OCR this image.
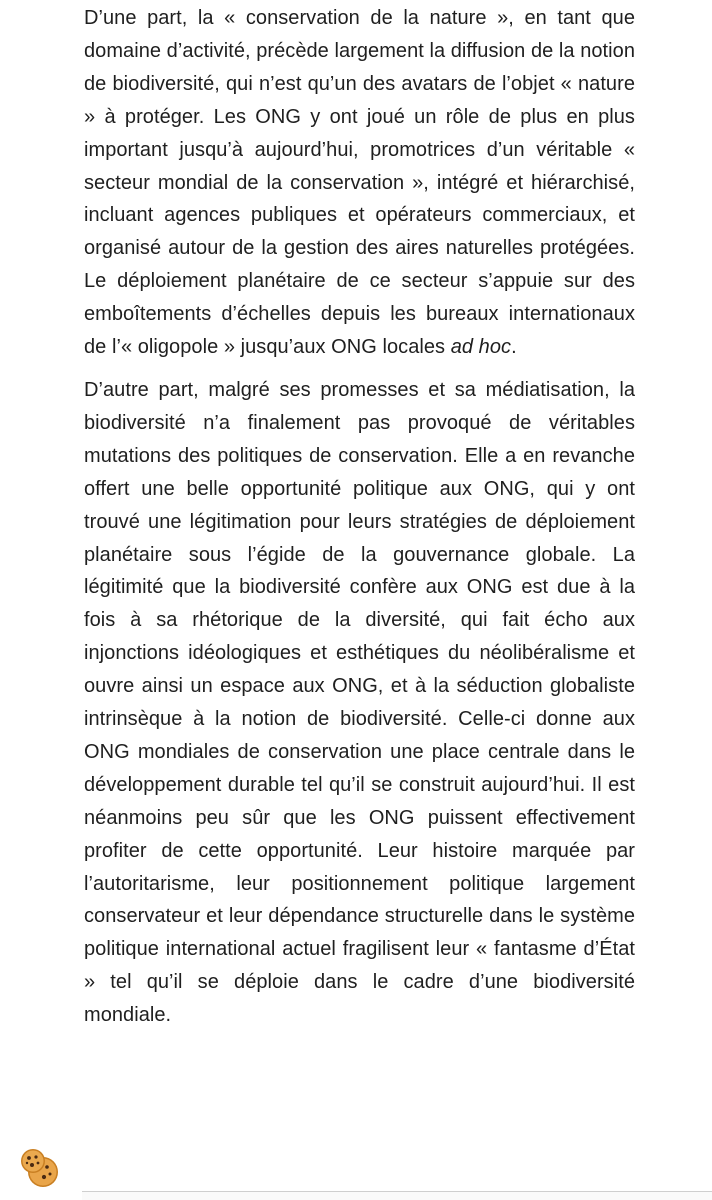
D’une part, la « conservation de la nature », en tant que domaine d’activité, précède largement la diffusion de la notion de biodiversité, qui n’est qu’un des avatars de l’objet « nature » à protéger. Les ONG y ont joué un rôle de plus en plus important jusqu’à aujourd’hui, promotrices d’un véritable « secteur mondial de la conservation », intégré et hiérarchisé, incluant agences publiques et opérateurs commerciaux, et organisé autour de la gestion des aires naturelles protégées. Le déploiement planétaire de ce secteur s’appuie sur des emboîtements d’échelles depuis les bureaux internationaux de l’« oligopole » jusqu’aux ONG locales ad hoc.

D’autre part, malgré ses promesses et sa médiatisation, la biodiversité n’a finalement pas provoqué de véritables mutations des politiques de conservation. Elle a en revanche offert une belle opportunité politique aux ONG, qui y ont trouvé une légitimation pour leurs stratégies de déploiement planétaire sous l’égide de la gouvernance globale. La légitimité que la biodiversité confère aux ONG est due à la fois à sa rhétorique de la diversité, qui fait écho aux injonctions idéologiques et esthétiques du néolibéralisme et ouvre ainsi un espace aux ONG, et à la séduction globaliste intrinsèque à la notion de biodiversité. Celle-ci donne aux ONG mondiales de conservation une place centrale dans le développement durable tel qu’il se construit aujourd’hui. Il est néanmoins peu sûr que les ONG puissent effectivement profiter de cette opportunité. Leur histoire marquée par l’autoritarisme, leur positionnement politique largement conservateur et leur dépendance structurelle dans le système politique international actuel fragilisent leur « fantasme d’État » tel qu’il se déploie dans le cadre d’une biodiversité mondiale.
